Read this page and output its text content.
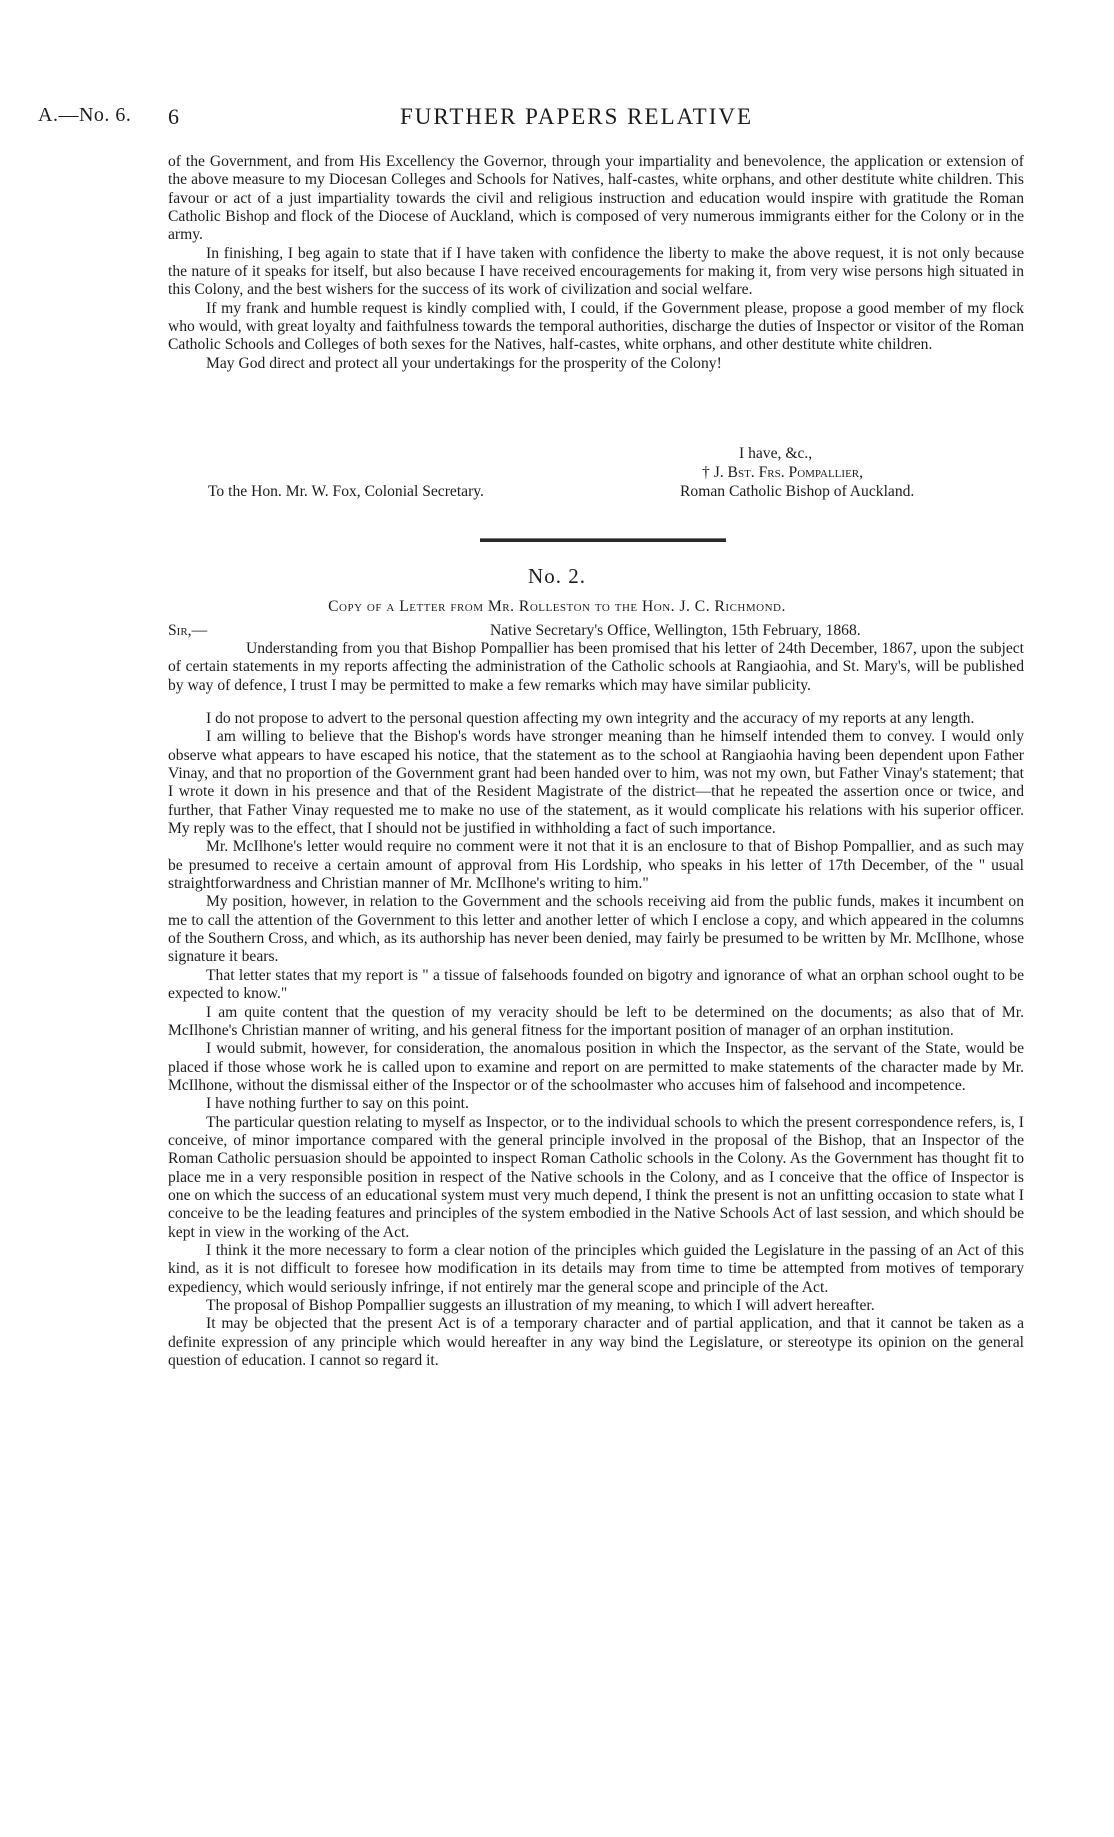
A.—No. 6. 6	FURTHER PAPERS RELATIVE

of the Government, and from His Excellency the Governor, through your impartiality and benevolence, the application or extension of the above measure to my Diocesan Colleges and Schools for Natives, half-castes, white orphans, and other destitute white children. This favour or act of a just impartiality towards the civil and religious instruction and education would inspire with gratitude the Roman Catholic Bishop and flock of the Diocese of Auckland, which is composed of very numerous immigrants either for the Colony or in the army.

In finishing, I beg again to state that if I have taken with confidence the liberty to make the above request, it is not only because the nature of it speaks for itself, but also because I have received encouragements for making it, from very wise persons high situated in this Colony, and the best wishers for the success of its work of civilization and social welfare.

If my frank and humble request is kindly complied with, I could, if the Government please, propose a good member of my flock who would, with great loyalty and faithfulness towards the temporal authorities, discharge the duties of Inspector or visitor of the Roman Catholic Schools and Colleges of both sexes for the Natives, half-castes, white orphans, and other destitute white children.

May God direct and protect all your undertakings for the prosperity of the Colony!

I have, &c.,
† J. Bst. Frs. Pompallier,
To the Hon. Mr. W. Fox, Colonial Secretary.	Roman Catholic Bishop of Auckland.
No. 2.
Copy of a Letter from Mr. Rolleston to the Hon. J. C. Richmond.
Sir,—	Native Secretary's Office, Wellington, 15th February, 1868.

Understanding from you that Bishop Pompallier has been promised that his letter of 24th December, 1867, upon the subject of certain statements in my reports affecting the administration of the Catholic schools at Rangiaohia, and St. Mary's, will be published by way of defence, I trust I may be permitted to make a few remarks which may have similar publicity.

I do not propose to advert to the personal question affecting my own integrity and the accuracy of my reports at any length.

I am willing to believe that the Bishop's words have stronger meaning than he himself intended them to convey. I would only observe what appears to have escaped his notice, that the statement as to the school at Rangiaohia having been dependent upon Father Vinay, and that no proportion of the Government grant had been handed over to him, was not my own, but Father Vinay's statement; that I wrote it down in his presence and that of the Resident Magistrate of the district—that he repeated the assertion once or twice, and further, that Father Vinay requested me to make no use of the statement, as it would complicate his relations with his superior officer. My reply was to the effect, that I should not be justified in withholding a fact of such importance.

Mr. McIlhone's letter would require no comment were it not that it is an enclosure to that of Bishop Pompallier, and as such may be presumed to receive a certain amount of approval from His Lordship, who speaks in his letter of 17th December, of the " usual straightforwardness and Christian manner of Mr. McIlhone's writing to him."

My position, however, in relation to the Government and the schools receiving aid from the public funds, makes it incumbent on me to call the attention of the Government to this letter and another letter of which I enclose a copy, and which appeared in the columns of the Southern Cross, and which, as its authorship has never been denied, may fairly be presumed to be written by Mr. McIlhone, whose signature it bears.

That letter states that my report is " a tissue of falsehoods founded on bigotry and ignorance of what an orphan school ought to be expected to know."

I am quite content that the question of my veracity should be left to be determined on the documents; as also that of Mr. McIlhone's Christian manner of writing, and his general fitness for the important position of manager of an orphan institution.

I would submit, however, for consideration, the anomalous position in which the Inspector, as the servant of the State, would be placed if those whose work he is called upon to examine and report on are permitted to make statements of the character made by Mr. McIlhone, without the dismissal either of the Inspector or of the schoolmaster who accuses him of falsehood and incompetence.

I have nothing further to say on this point.

The particular question relating to myself as Inspector, or to the individual schools to which the present correspondence refers, is, I conceive, of minor importance compared with the general principle involved in the proposal of the Bishop, that an Inspector of the Roman Catholic persuasion should be appointed to inspect Roman Catholic schools in the Colony. As the Government has thought fit to place me in a very responsible position in respect of the Native schools in the Colony, and as I conceive that the office of Inspector is one on which the success of an educational system must very much depend, I think the present is not an unfitting occasion to state what I conceive to be the leading features and principles of the system embodied in the Native Schools Act of last session, and which should be kept in view in the working of the Act.

I think it the more necessary to form a clear notion of the principles which guided the Legislature in the passing of an Act of this kind, as it is not difficult to foresee how modification in its details may from time to time be attempted from motives of temporary expediency, which would seriously infringe, if not entirely mar the general scope and principle of the Act.

The proposal of Bishop Pompallier suggests an illustration of my meaning, to which I will advert hereafter.

It may be objected that the present Act is of a temporary character and of partial application, and that it cannot be taken as a definite expression of any principle which would hereafter in any way bind the Legislature, or stereotype its opinion on the general question of education. I cannot so regard it.
